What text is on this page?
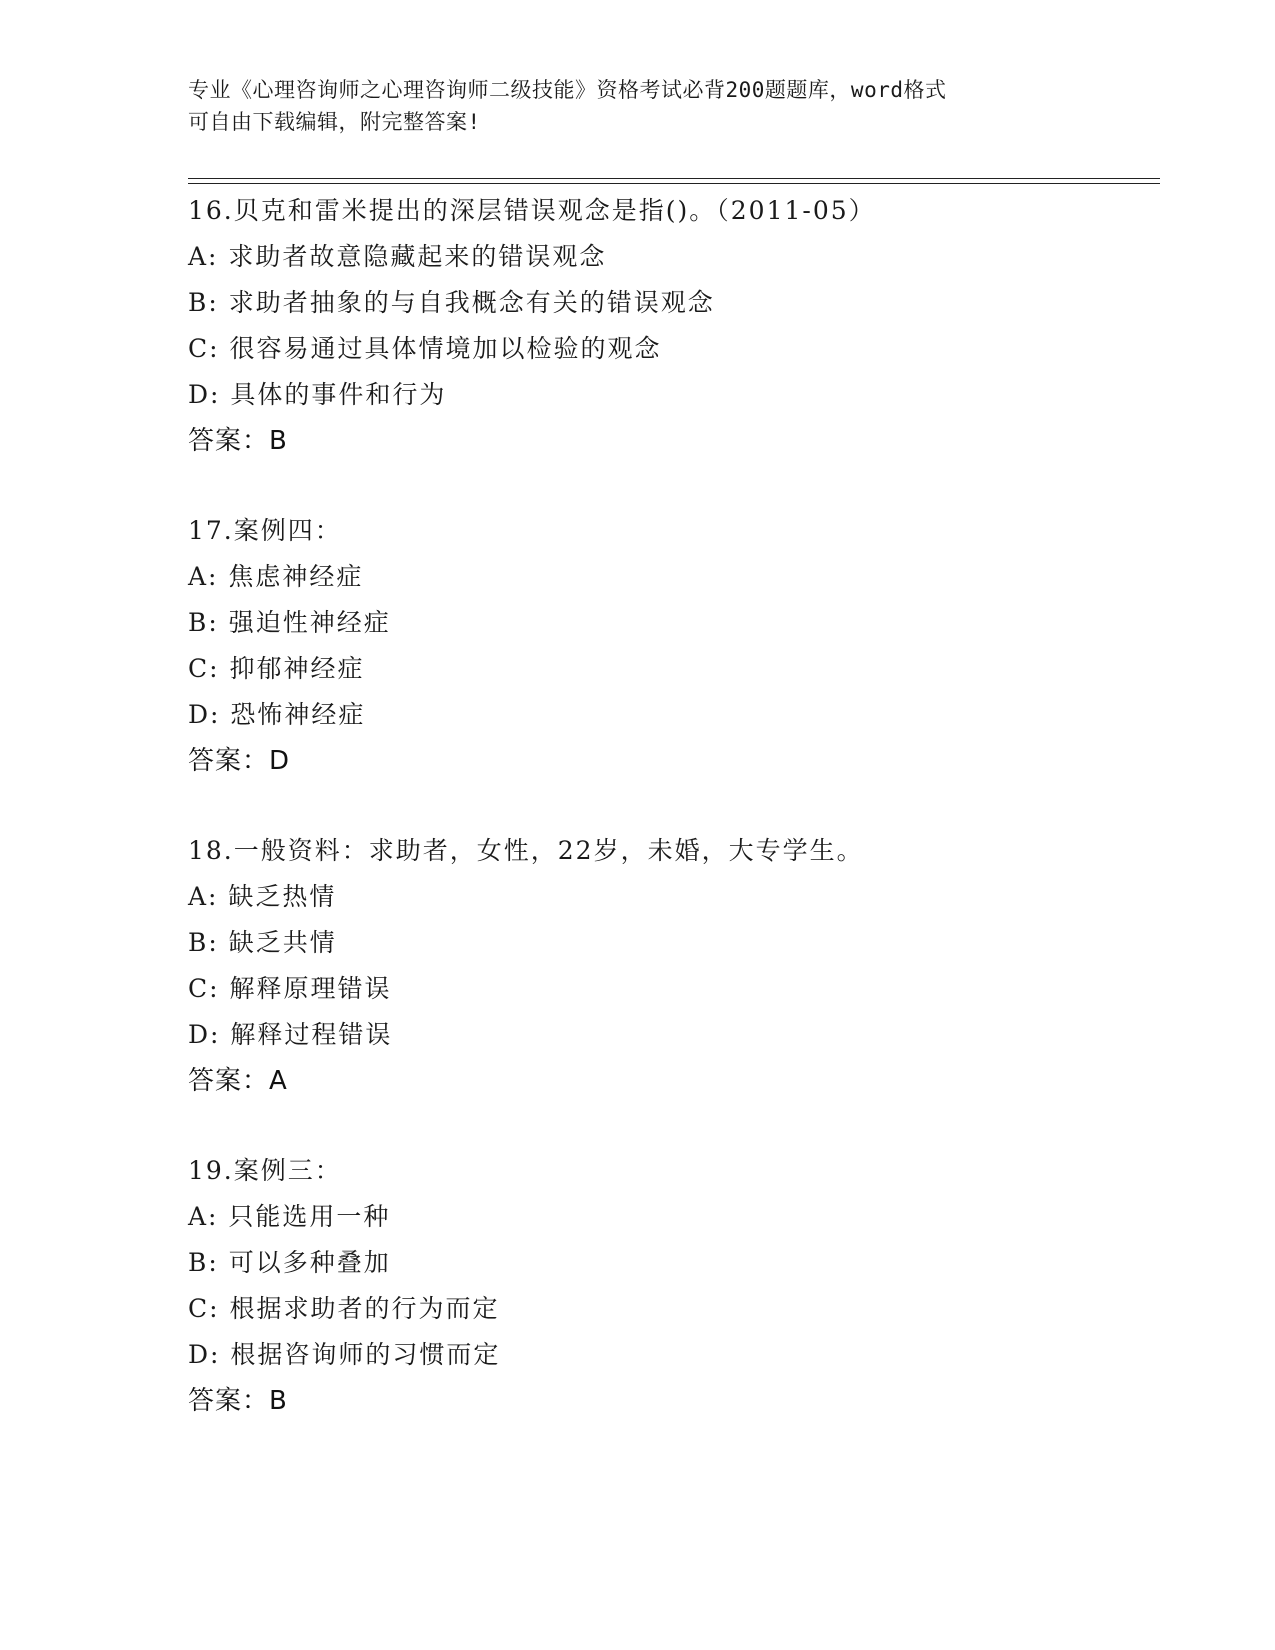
专业《心理咨询师之心理咨询师二级技能》资格考试必背200题题库，word格式
可自由下载编辑，附完整答案!
16.贝克和雷米提出的深层错误观念是指()。（2011-05）
A: 求助者故意隐藏起来的错误观念
B: 求助者抽象的与自我概念有关的错误观念
C: 很容易通过具体情境加以检验的观念
D: 具体的事件和行为
答案：B
17.案例四：
A: 焦虑神经症
B: 强迫性神经症
C: 抑郁神经症
D: 恐怖神经症
答案：D
18.一般资料：求助者，女性，22岁，未婚，大专学生。
A: 缺乏热情
B: 缺乏共情
C: 解释原理错误
D: 解释过程错误
答案：A
19.案例三：
A: 只能选用一种
B: 可以多种叠加
C: 根据求助者的行为而定
D: 根据咨询师的习惯而定
答案：B
